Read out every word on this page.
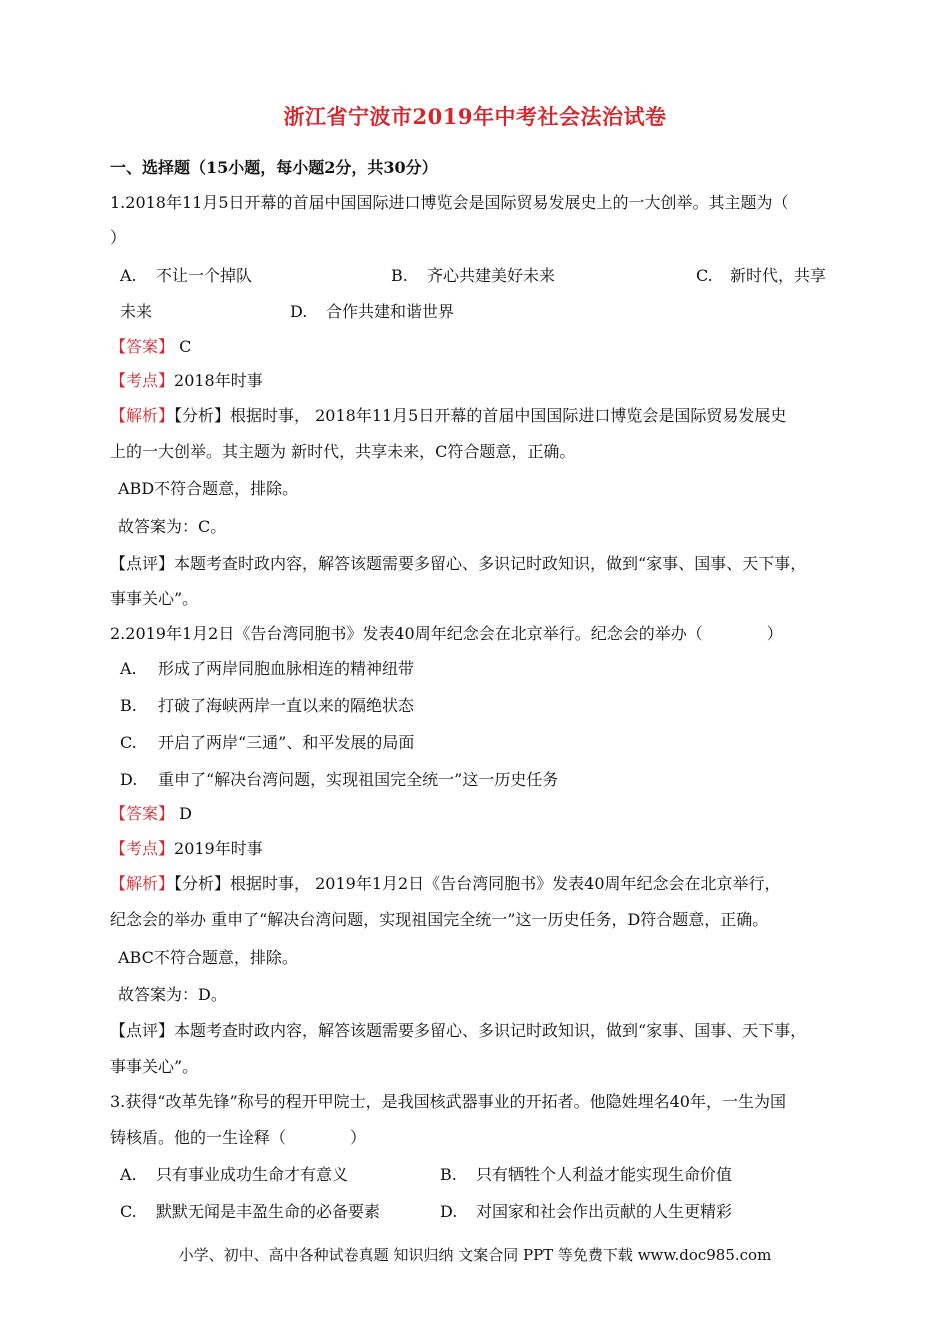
浙江省宁波市2019年中考社会法治试卷
一、选择题（15小题，每小题2分，共30分）
1.2018年11月5日开幕的首届中国国际进口博览会是国际贸易发展史上的一大创举。其主题为（
）
A. 不让一个掉队	B. 齐心共建美好未来	C. 新时代，共享
未来	D. 合作共建和谐世界
【答案】 C
【考点】2018年时事
【解析】【分析】根据时事， 2018年11月5日开幕的首届中国国际进口博览会是国际贸易发展史
上的一大创举。其主题为 新时代，共享未来，C符合题意，正确。
ABD不符合题意，排除。
故答案为：C。
【点评】本题考查时政内容，解答该题需要多留心、多识记时政知识，做到“家事、国事、天下事，
事事关心”。
2.2019年1月2日《告台湾同胞书》发表40周年纪念会在北京举行。纪念会的举办（　　　　）
A. 形成了两岸同胞血脉相连的精神纽带
B. 打破了海峡两岸一直以来的隔绝状态
C. 开启了两岸“三通”、和平发展的局面
D. 重申了“解决台湾问题，实现祖国完全统一”这一历史任务
【答案】 D
【考点】2019年时事
【解析】【分析】根据时事， 2019年1月2日《告台湾同胞书》发表40周年纪念会在北京举行，
纪念会的举办 重申了“解决台湾问题，实现祖国完全统一”这一历史任务，D符合题意，正确。
ABC不符合题意，排除。
故答案为：D。
【点评】本题考查时政内容，解答该题需要多留心、多识记时政知识，做到“家事、国事、天下事，
事事关心”。
3.获得“改革先锋”称号的程开甲院士，是我国核武器事业的开拓者。他隐姓埋名40年，一生为国
铸核盾。他的一生诠释（　　　　）
A. 只有事业成功生命才有意义	B. 只有牺牲个人利益才能实现生命价值
C. 默默无闻是丰盈生命的必备要素	D. 对国家和社会作出贡献的人生更精彩
小学、初中、高中各种试卷真题 知识归纳 文案合同 PPT 等免费下载 www.doc985.com
